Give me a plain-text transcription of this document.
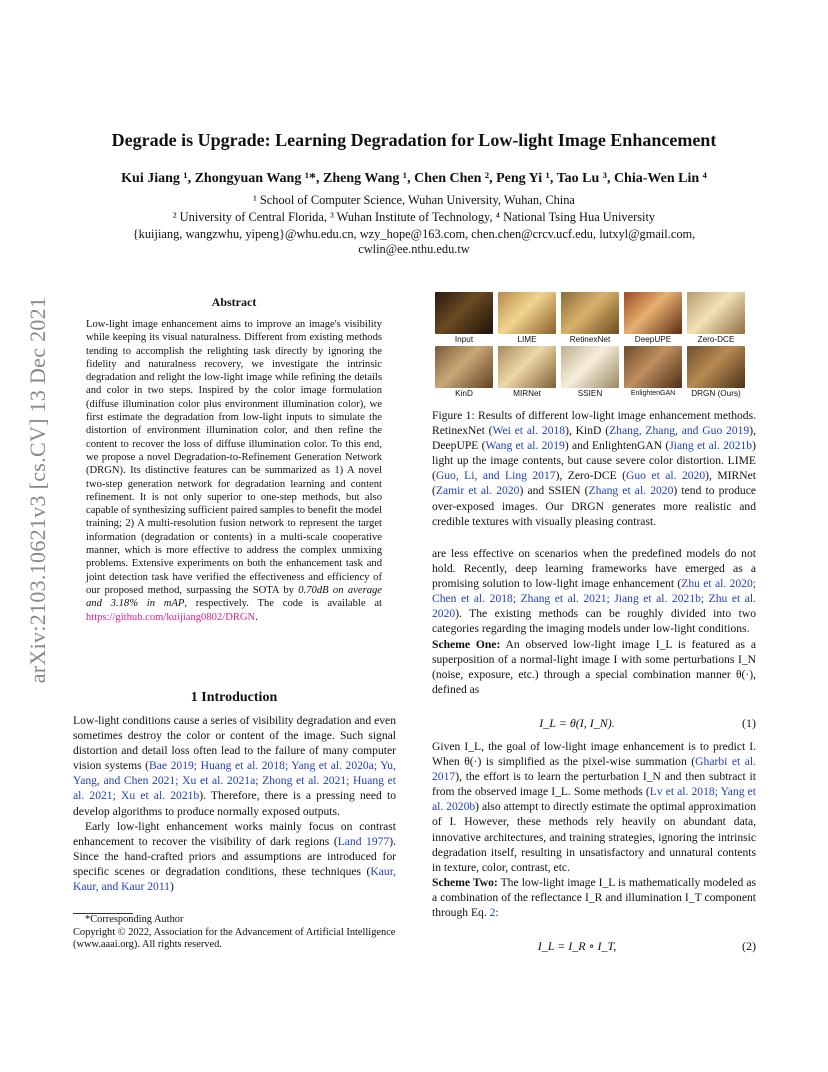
arXiv:2103.10621v3 [cs.CV] 13 Dec 2021
Degrade is Upgrade: Learning Degradation for Low-light Image Enhancement
Kui Jiang ¹, Zhongyuan Wang ¹*, Zheng Wang ¹, Chen Chen ², Peng Yi ¹, Tao Lu ³, Chia-Wen Lin ⁴
¹ School of Computer Science, Wuhan University, Wuhan, China
² University of Central Florida, ³ Wuhan Institute of Technology, ⁴ National Tsing Hua University
{kuijiang, wangzwhu, yipeng}@whu.edu.cn, wzy_hope@163.com, chen.chen@crcv.ucf.edu, lutxyl@gmail.com,
cwlin@ee.nthu.edu.tw
Abstract
Low-light image enhancement aims to improve an image's visibility while keeping its visual naturalness. Different from existing methods tending to accomplish the relighting task directly by ignoring the fidelity and naturalness recovery, we investigate the intrinsic degradation and relight the low-light image while refining the details and color in two steps. Inspired by the color image formulation (diffuse illumination color plus environment illumination color), we first estimate the degradation from low-light inputs to simulate the distortion of environment illumination color, and then refine the content to recover the loss of diffuse illumination color. To this end, we propose a novel Degradation-to-Refinement Generation Network (DRGN). Its distinctive features can be summarized as 1) A novel two-step generation network for degradation learning and content refinement. It is not only superior to one-step methods, but also capable of synthesizing sufficient paired samples to benefit the model training; 2) A multi-resolution fusion network to represent the target information (degradation or contents) in a multi-scale cooperative manner, which is more effective to address the complex unmixing problems. Extensive experiments on both the enhancement task and joint detection task have verified the effectiveness and efficiency of our proposed method, surpassing the SOTA by 0.70dB on average and 3.18% in mAP, respectively. The code is available at https://github.com/kuijiang0802/DRGN.
1 Introduction

Low-light conditions cause a series of visibility degradation and even sometimes destroy the color or content of the image. Such signal distortion and detail loss often lead to the failure of many computer vision systems (Bae 2019; Huang et al. 2018; Yang et al. 2020a; Yu, Yang, and Chen 2021; Xu et al. 2021a; Zhong et al. 2021; Huang et al. 2021; Xu et al. 2021b). Therefore, there is a pressing need to develop algorithms to produce normally exposed outputs.

Early low-light enhancement works mainly focus on contrast enhancement to recover the visibility of dark regions (Land 1977). Since the hand-crafted priors and assumptions are introduced for specific scenes or degradation conditions, these techniques (Kaur, Kaur, and Kaur 2011)

*Corresponding Author
Copyright © 2022, Association for the Advancement of Artificial Intelligence (www.aaai.org). All rights reserved.
Input	LIME	RetinexNet	DeepUPE	Zero-DCE
KinD	MIRNet	SSIEN	EnlightenGAN	DRGN (Ours)
Figure 1: Results of different low-light image enhancement methods. RetinexNet (Wei et al. 2018), KinD (Zhang, Zhang, and Guo 2019), DeepUPE (Wang et al. 2019) and EnlightenGAN (Jiang et al. 2021b) light up the image contents, but cause severe color distortion. LIME (Guo, Li, and Ling 2017), Zero-DCE (Guo et al. 2020), MIRNet (Zamir et al. 2020) and SSIEN (Zhang et al. 2020) tend to produce over-exposed images. Our DRGN generates more realistic and credible textures with visually pleasing contrast.

are less effective on scenarios when the predefined models do not hold. Recently, deep learning frameworks have emerged as a promising solution to low-light image enhancement (Zhu et al. 2020; Chen et al. 2018; Zhang et al. 2021; Jiang et al. 2021b; Zhu et al. 2020). The existing methods can be roughly divided into two categories regarding the imaging models under low-light conditions.

Scheme One: An observed low-light image I_L is featured as a superposition of a normal-light image I with some perturbations I_N (noise, exposure, etc.) through a special combination manner θ(·), defined as

I_L = θ(I, I_N).	(1)

Given I_L, the goal of low-light image enhancement is to predict I. When θ(·) is simplified as the pixel-wise summation (Gharbi et al. 2017), the effort is to learn the perturbation I_N and then subtract it from the observed image I_L. Some methods (Lv et al. 2018; Yang et al. 2020b) also attempt to directly estimate the optimal approximation of I. However, these methods rely heavily on abundant data, innovative architectures, and training strategies, ignoring the intrinsic degradation itself, resulting in unsatisfactory and unnatural contents in texture, color, contrast, etc.

Scheme Two: The low-light image I_L is mathematically modeled as a combination of the reflectance I_R and illumination I_T component through Eq. 2:

I_L = I_R ∘ I_T,	(2)
